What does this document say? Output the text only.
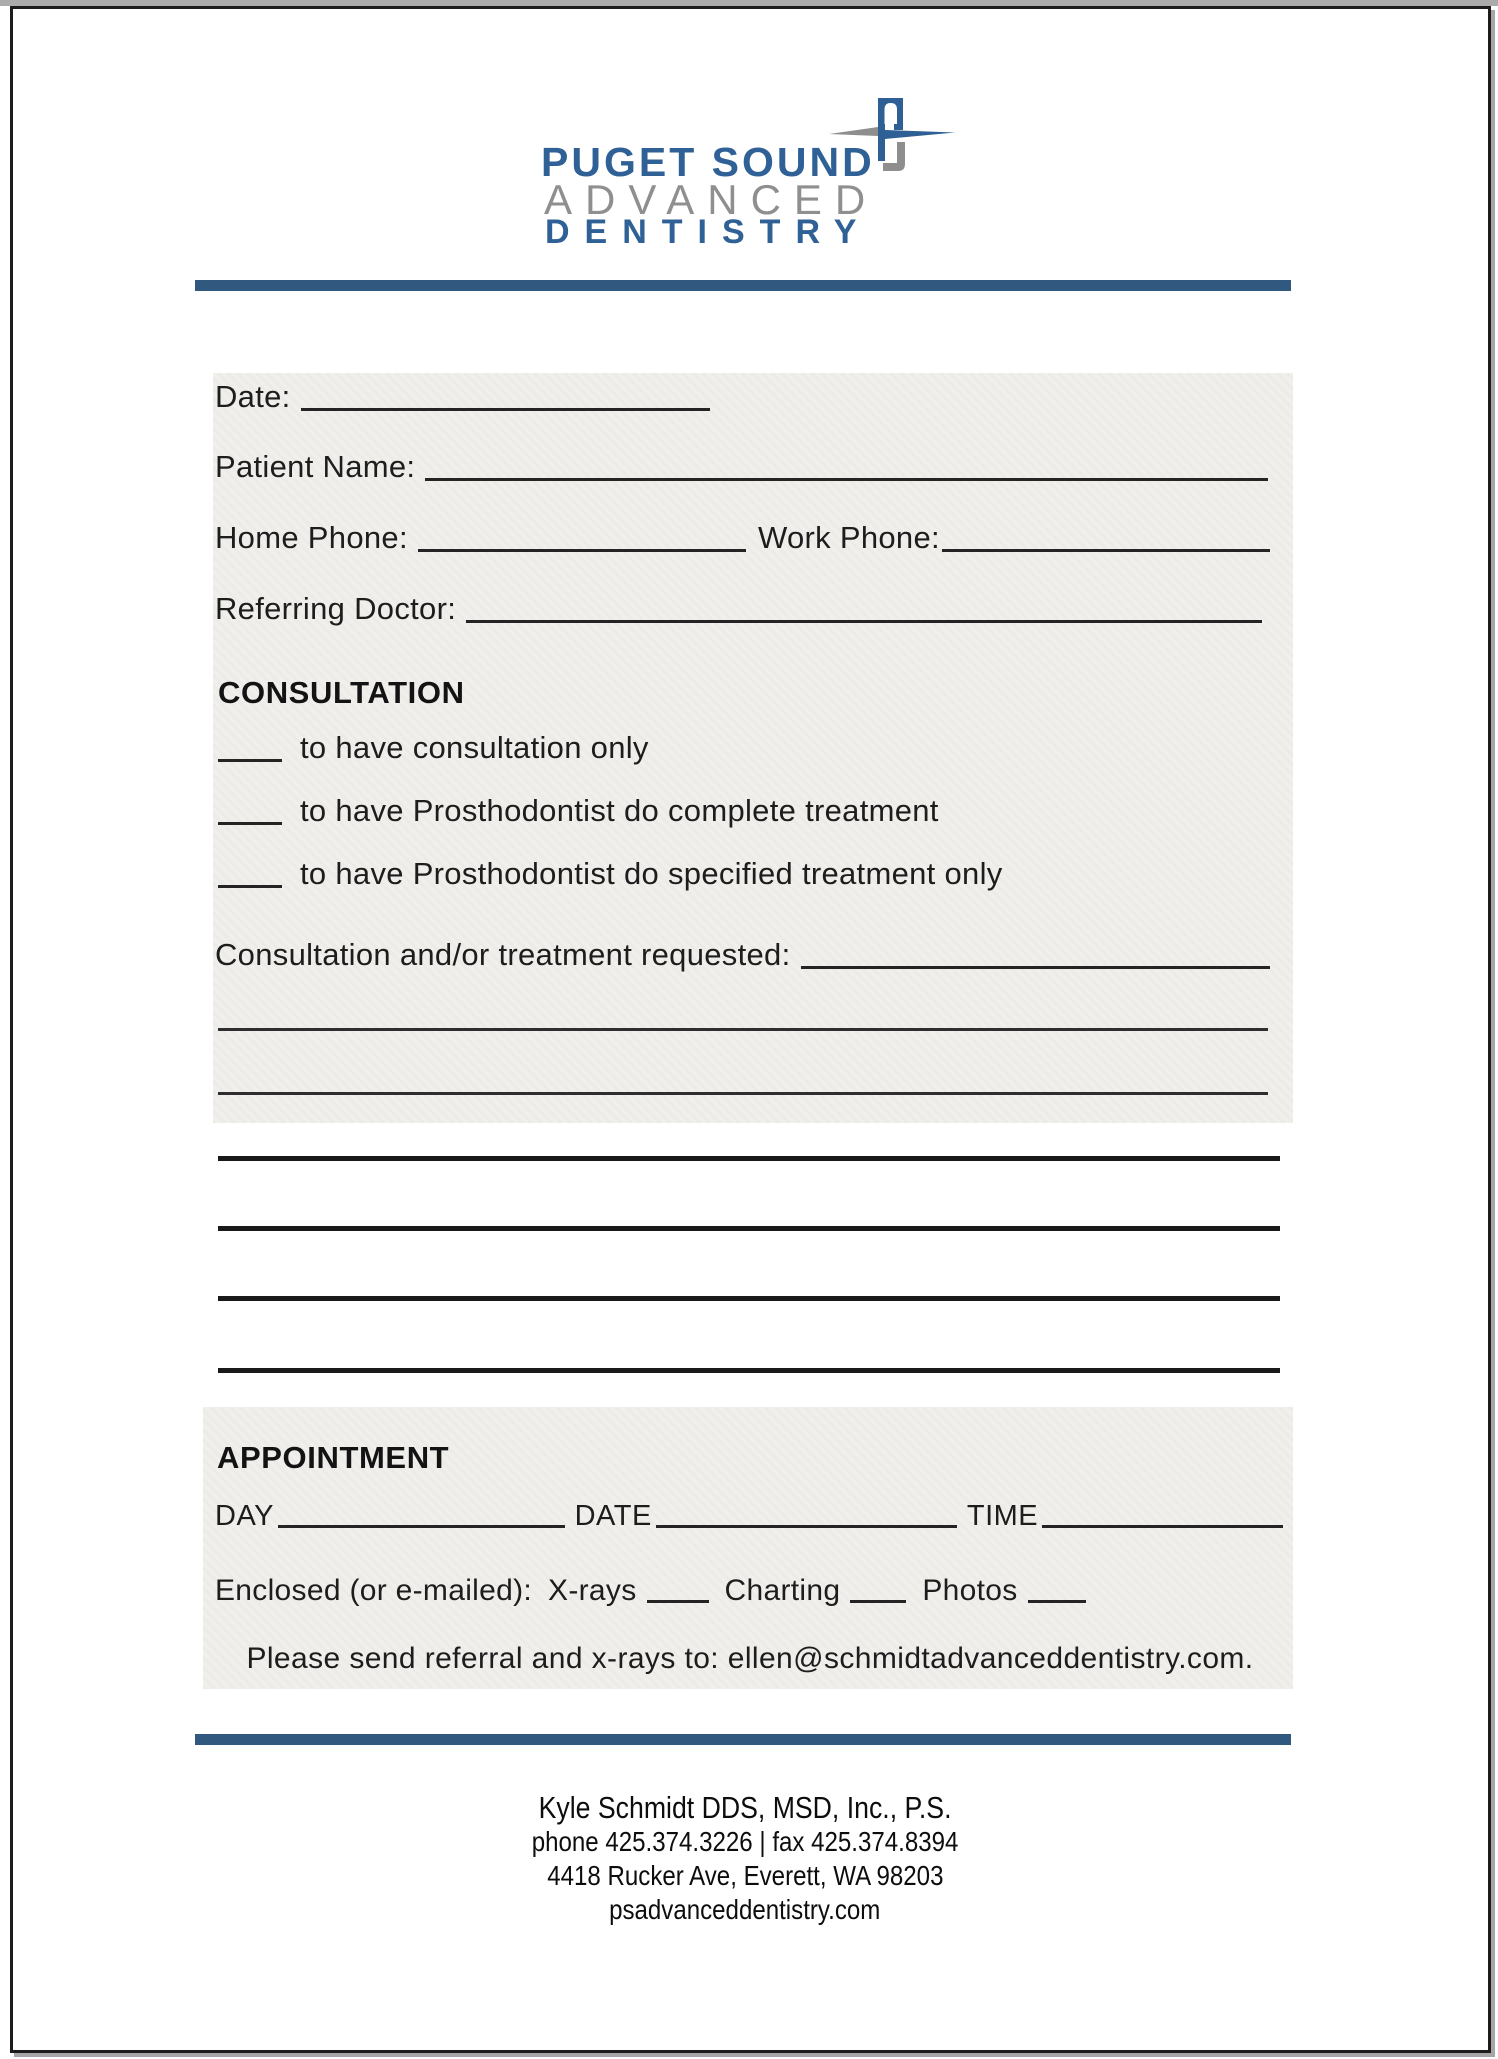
PUGET SOUND
ADVANCED
DENTISTRY
Date:
Patient Name:
Home Phone:	Work Phone:
Referring Doctor:
CONSULTATION
to have consultation only
to have Prosthodontist do complete treatment
to have Prosthodontist do specified treatment only
Consultation and/or treatment requested:
APPOINTMENT
DAY	DATE	TIME
Enclosed (or e-mailed): X-rays	Charting	Photos
Please send referral and x-rays to: ellen@schmidtadvanceddentistry.com.
Kyle Schmidt DDS, MSD, Inc., P.S.
phone 425.374.3226 | fax 425.374.8394
4418 Rucker Ave, Everett, WA 98203
psadvanceddentistry.com
